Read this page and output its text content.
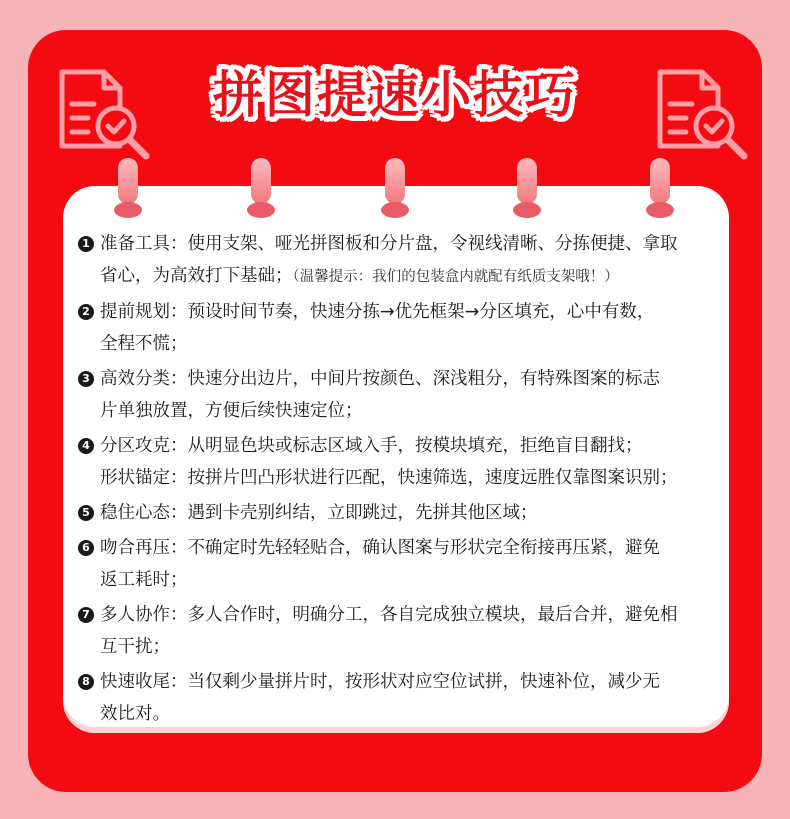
拼图提速小技巧
1 准备工具：使用支架、哑光拼图板和分片盘，令视线清晰、分拣便捷、拿取
省心，为高效打下基础；（温馨提示：我们的包装盒内就配有纸质支架哦！）
2 提前规划：预设时间节奏，快速分拣→优先框架→分区填充，心中有数，
全程不慌；
3 高效分类：快速分出边片，中间片按颜色、深浅粗分，有特殊图案的标志
片单独放置，方便后续快速定位；
4 分区攻克：从明显色块或标志区域入手，按模块填充，拒绝盲目翻找；
形状锚定：按拼片凹凸形状进行匹配，快速筛选，速度远胜仅靠图案识别；
5 稳住心态：遇到卡壳别纠结，立即跳过，先拼其他区域；
6 吻合再压：不确定时先轻轻贴合，确认图案与形状完全衔接再压紧，避免
返工耗时；
7 多人协作：多人合作时，明确分工，各自完成独立模块，最后合并，避免相
互干扰；
8 快速收尾：当仅剩少量拼片时，按形状对应空位试拼，快速补位，减少无
效比对。
